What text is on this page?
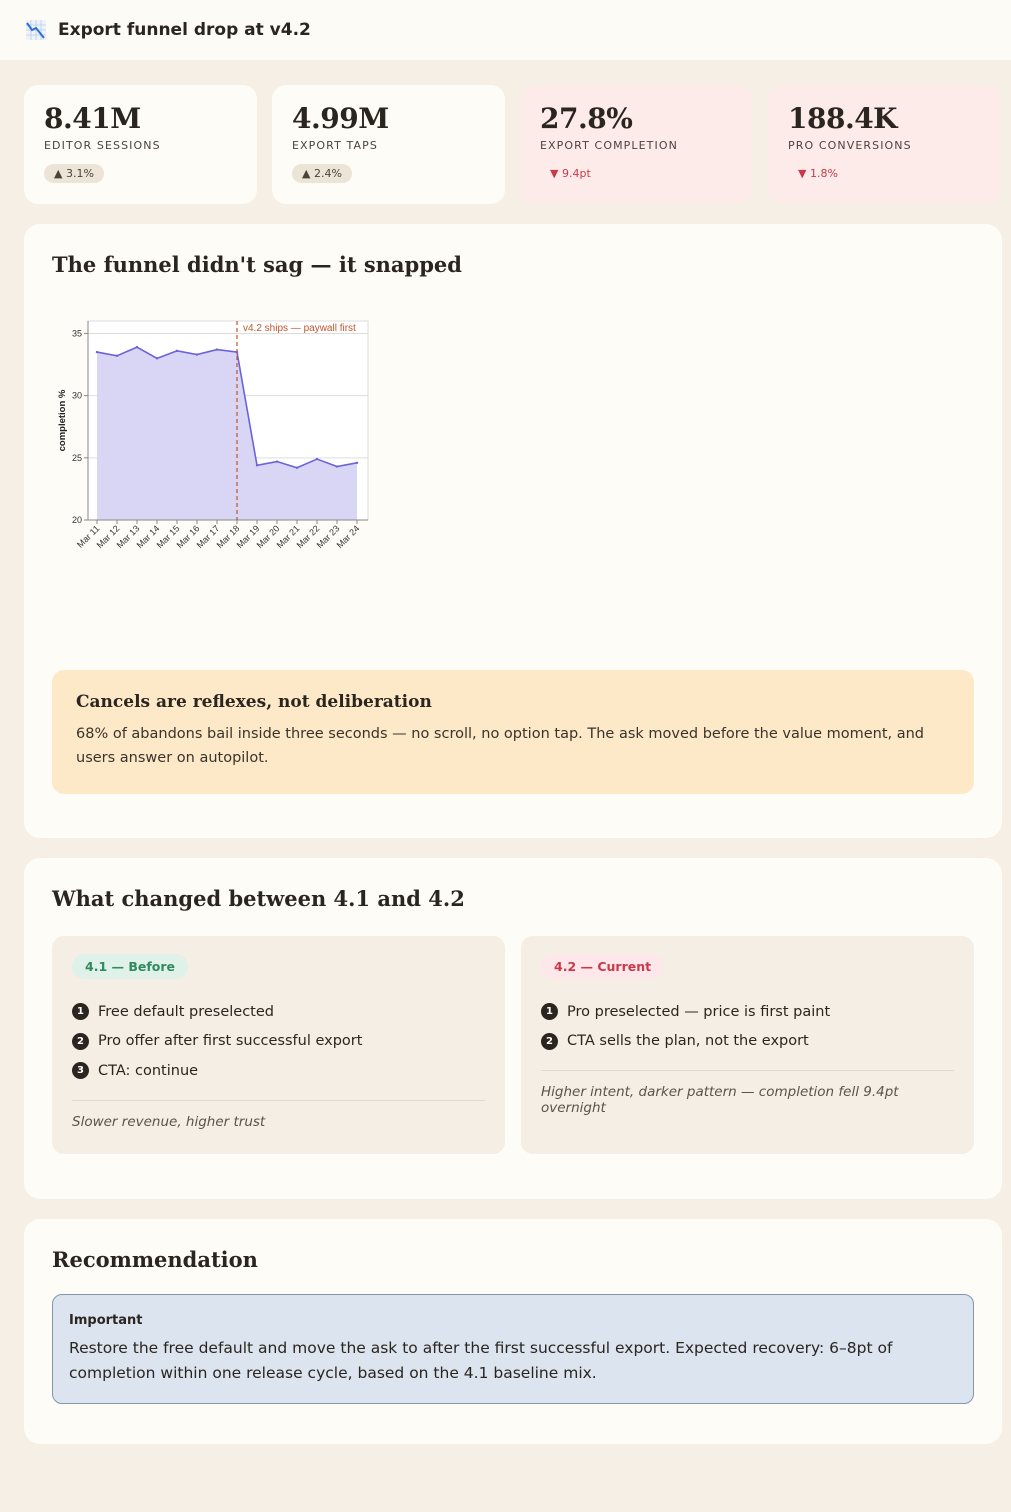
Export funnel drop at v4.2
8.41M
EDITOR SESSIONS
▲ 3.1%
4.99M
EXPORT TAPS
▲ 2.4%
27.8%
EXPORT COMPLETION
▼ 9.4pt
188.4K
PRO CONVERSIONS
▼ 1.8%
The funnel didn't sag — it snapped
20
25
30
35
completion %
Mar 11
Mar 12
Mar 13
Mar 14
Mar 15
Mar 16
Mar 17
Mar 18
Mar 19
Mar 20
Mar 21
Mar 22
Mar 23
Mar 24
v4.2 ships — paywall first
Cancels are reflexes, not deliberation
68% of abandons bail inside three seconds — no scroll, no option tap. The ask moved before the value moment, and users answer on autopilot.
What changed between 4.1 and 4.2
4.1 — Before
1 Free default preselected
2 Pro offer after first successful export
3 CTA: continue
Slower revenue, higher trust
4.2 — Current
1 Pro preselected — price is first paint
2 CTA sells the plan, not the export
Higher intent, darker pattern — completion fell 9.4pt overnight
Recommendation
Important
Restore the free default and move the ask to after the first successful export. Expected recovery: 6–8pt of completion within one release cycle, based on the 4.1 baseline mix.
